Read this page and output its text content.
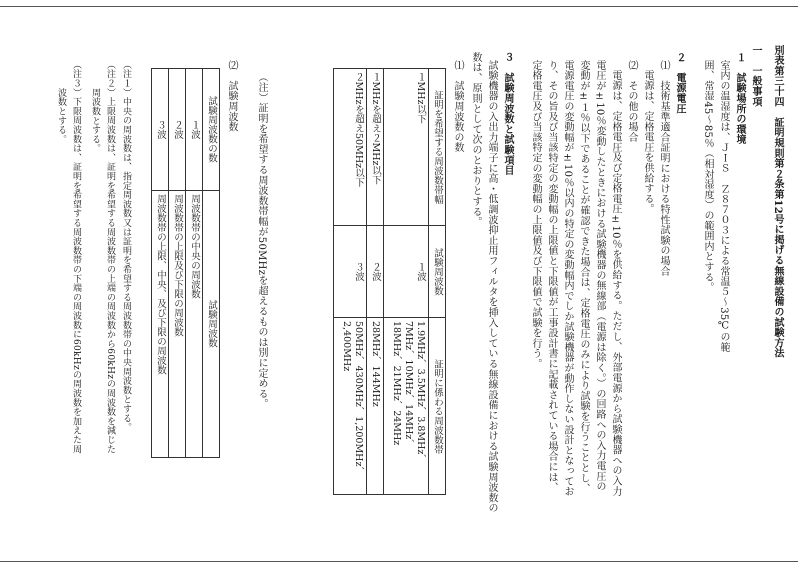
別表第三十四　証明規則第２条第12号に掲げる無線設備の試験方法
一　一般事項
１　試験場所の環境
室内の温湿度は、ＪＩＳ　Ｚ８７０３による常温５～35℃の範
囲、常湿45～85％（相対湿度）の範囲内とする。
２　電源電圧
⑴　技術基準適合証明における特性試験の場合
電源は、定格電圧を供給する。
⑵　その他の場合
電源は、定格電圧及び定格電圧±10％を供給する。ただし、外部電源から試験機器への入力
電圧が±10％変動したときにおける試験機器の無線部（電源は除く。）の回路への入力電圧の
変動が±１％以下であることが確認できた場合は、定格電圧のみにより試験を行うこととし、
電源電圧の変動幅が±10％以内の特定の変動幅内でしか試験機器が動作しない設計となってお
り、その旨及び当該特定の変動幅の上限値と下限値が工事設計書に記載されている場合には、
定格電圧及び当該特定の変動幅の上限値及び下限値で試験を行う。
３　試験周波数と試験項目
試験機器の入出力端子に高・低調波抑止用フィルタを挿入している無線設備における試験周波数の
数は、原則として次のとおりとする。
⑴　試験周波数の数
証明を希望する周波数帯幅	試験周波数	証明に係わる周波数帯
１MHz以下	１波	1.9MHz、3.5MHz、3.8MHz、7MHz、10MHz、14MHz、18MHz、21MHz、24MHz
１MHzを超え２MHz以下	２波	28MHz、144MHz
２MHzを超え50MHz以下	３波	50MHz、430MHz、1,200MHz、2,400MHz
（注）証明を希望する周波数帯幅が50MHzを超えるものは別に定める。
⑵　試験周波数
試験周波数の数	試験周波数
１波	周波数帯の中央の周波数
２波	周波数帯の上限及び下限の周波数
３波	周波数帯の上限、中央、及び下限の周波数
（注１）中央の周波数は、指定周波数又は証明を希望する周波数帯の中央周波数とする。
（注２）上限周波数は、証明を希望する周波数帯の上端の周波数から60kHzの周波数を減じた
周波数とする。
（注３）下限周波数は、証明を希望する周波数帯の下端の周波数に60kHzの周波数を加えた周
波数とする。
